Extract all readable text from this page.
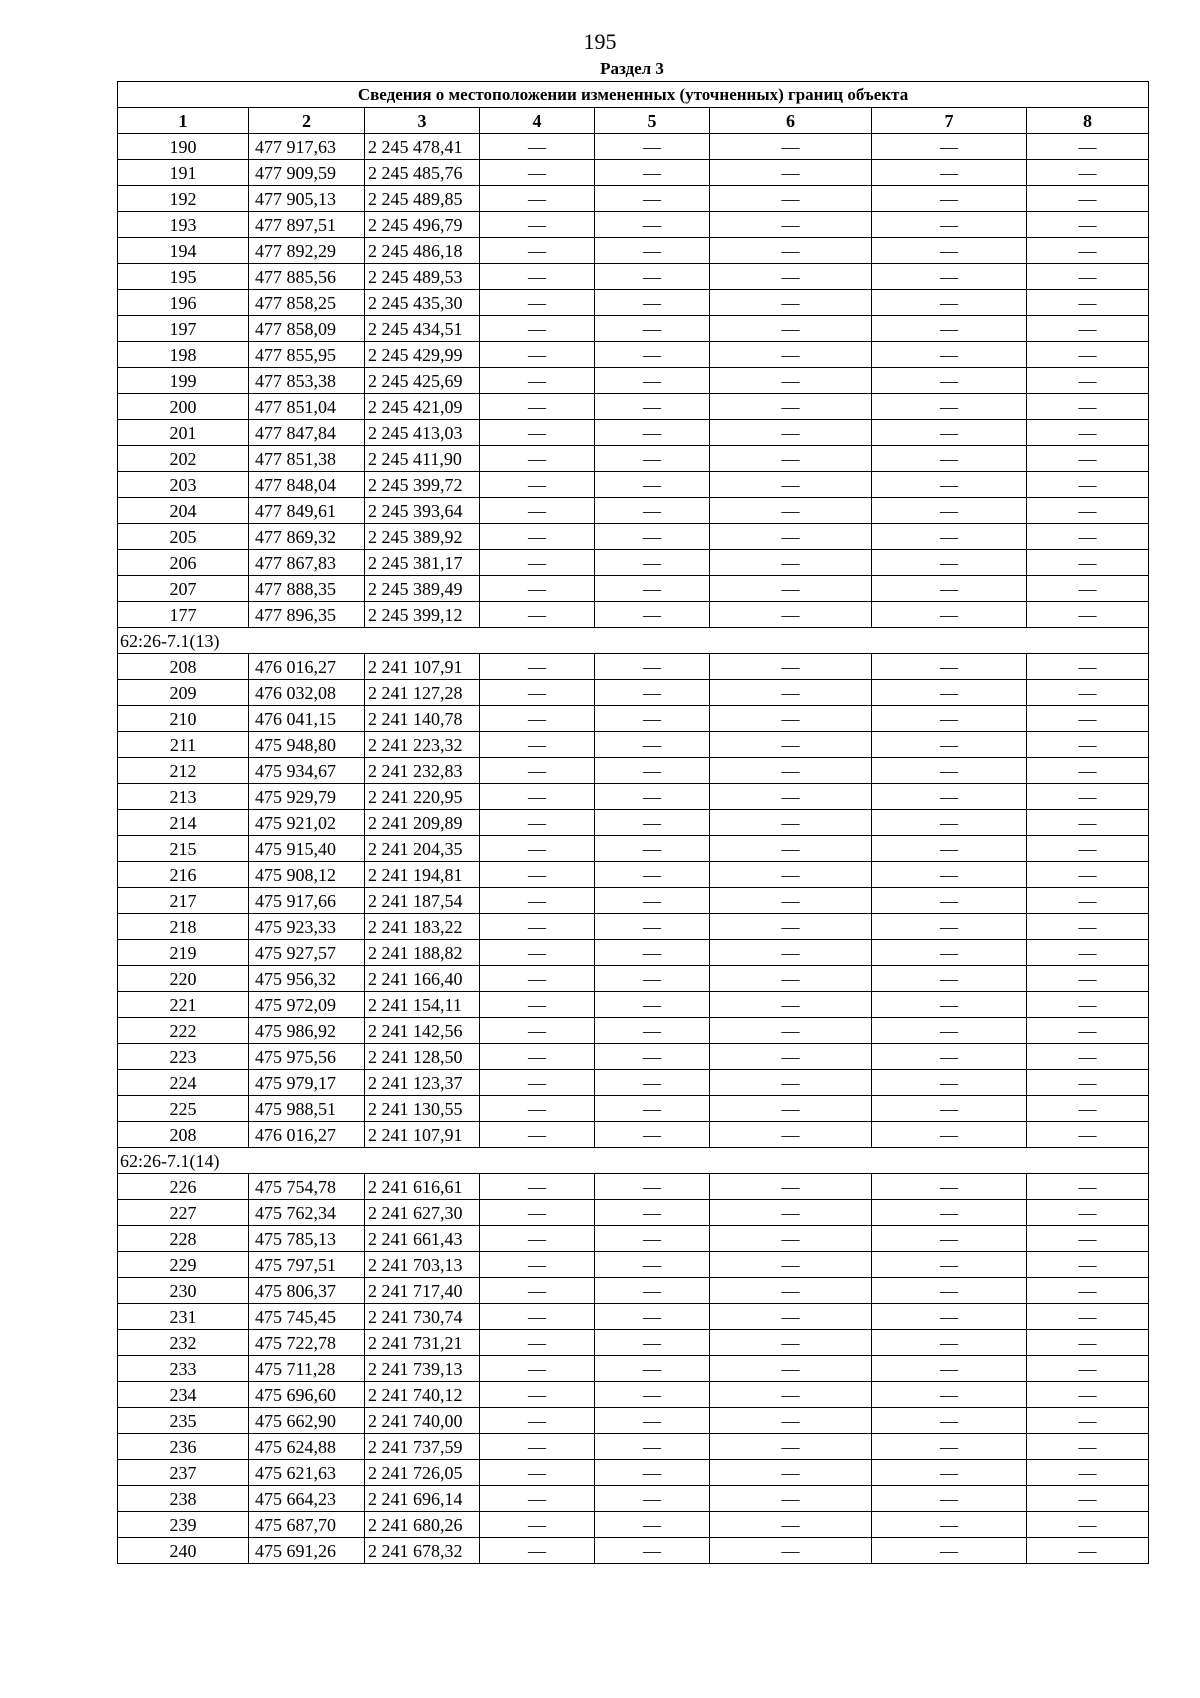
195
Раздел 3
Сведения о местоположении измененных (уточненных) границ объекта							
1	2	3	4	5	6	7	8
190	477 917,63	2 245 478,41	—	—	—	—	—
191	477 909,59	2 245 485,76	—	—	—	—	—
192	477 905,13	2 245 489,85	—	—	—	—	—
193	477 897,51	2 245 496,79	—	—	—	—	—
194	477 892,29	2 245 486,18	—	—	—	—	—
195	477 885,56	2 245 489,53	—	—	—	—	—
196	477 858,25	2 245 435,30	—	—	—	—	—
197	477 858,09	2 245 434,51	—	—	—	—	—
198	477 855,95	2 245 429,99	—	—	—	—	—
199	477 853,38	2 245 425,69	—	—	—	—	—
200	477 851,04	2 245 421,09	—	—	—	—	—
201	477 847,84	2 245 413,03	—	—	—	—	—
202	477 851,38	2 245 411,90	—	—	—	—	—
203	477 848,04	2 245 399,72	—	—	—	—	—
204	477 849,61	2 245 393,64	—	—	—	—	—
205	477 869,32	2 245 389,92	—	—	—	—	—
206	477 867,83	2 245 381,17	—	—	—	—	—
207	477 888,35	2 245 389,49	—	—	—	—	—
177	477 896,35	2 245 399,12	—	—	—	—	—
62:26-7.1(13)							
208	476 016,27	2 241 107,91	—	—	—	—	—
209	476 032,08	2 241 127,28	—	—	—	—	—
210	476 041,15	2 241 140,78	—	—	—	—	—
211	475 948,80	2 241 223,32	—	—	—	—	—
212	475 934,67	2 241 232,83	—	—	—	—	—
213	475 929,79	2 241 220,95	—	—	—	—	—
214	475 921,02	2 241 209,89	—	—	—	—	—
215	475 915,40	2 241 204,35	—	—	—	—	—
216	475 908,12	2 241 194,81	—	—	—	—	—
217	475 917,66	2 241 187,54	—	—	—	—	—
218	475 923,33	2 241 183,22	—	—	—	—	—
219	475 927,57	2 241 188,82	—	—	—	—	—
220	475 956,32	2 241 166,40	—	—	—	—	—
221	475 972,09	2 241 154,11	—	—	—	—	—
222	475 986,92	2 241 142,56	—	—	—	—	—
223	475 975,56	2 241 128,50	—	—	—	—	—
224	475 979,17	2 241 123,37	—	—	—	—	—
225	475 988,51	2 241 130,55	—	—	—	—	—
208	476 016,27	2 241 107,91	—	—	—	—	—
62:26-7.1(14)							
226	475 754,78	2 241 616,61	—	—	—	—	—
227	475 762,34	2 241 627,30	—	—	—	—	—
228	475 785,13	2 241 661,43	—	—	—	—	—
229	475 797,51	2 241 703,13	—	—	—	—	—
230	475 806,37	2 241 717,40	—	—	—	—	—
231	475 745,45	2 241 730,74	—	—	—	—	—
232	475 722,78	2 241 731,21	—	—	—	—	—
233	475 711,28	2 241 739,13	—	—	—	—	—
234	475 696,60	2 241 740,12	—	—	—	—	—
235	475 662,90	2 241 740,00	—	—	—	—	—
236	475 624,88	2 241 737,59	—	—	—	—	—
237	475 621,63	2 241 726,05	—	—	—	—	—
238	475 664,23	2 241 696,14	—	—	—	—	—
239	475 687,70	2 241 680,26	—	—	—	—	—
240	475 691,26	2 241 678,32	—	—	—	—	—
